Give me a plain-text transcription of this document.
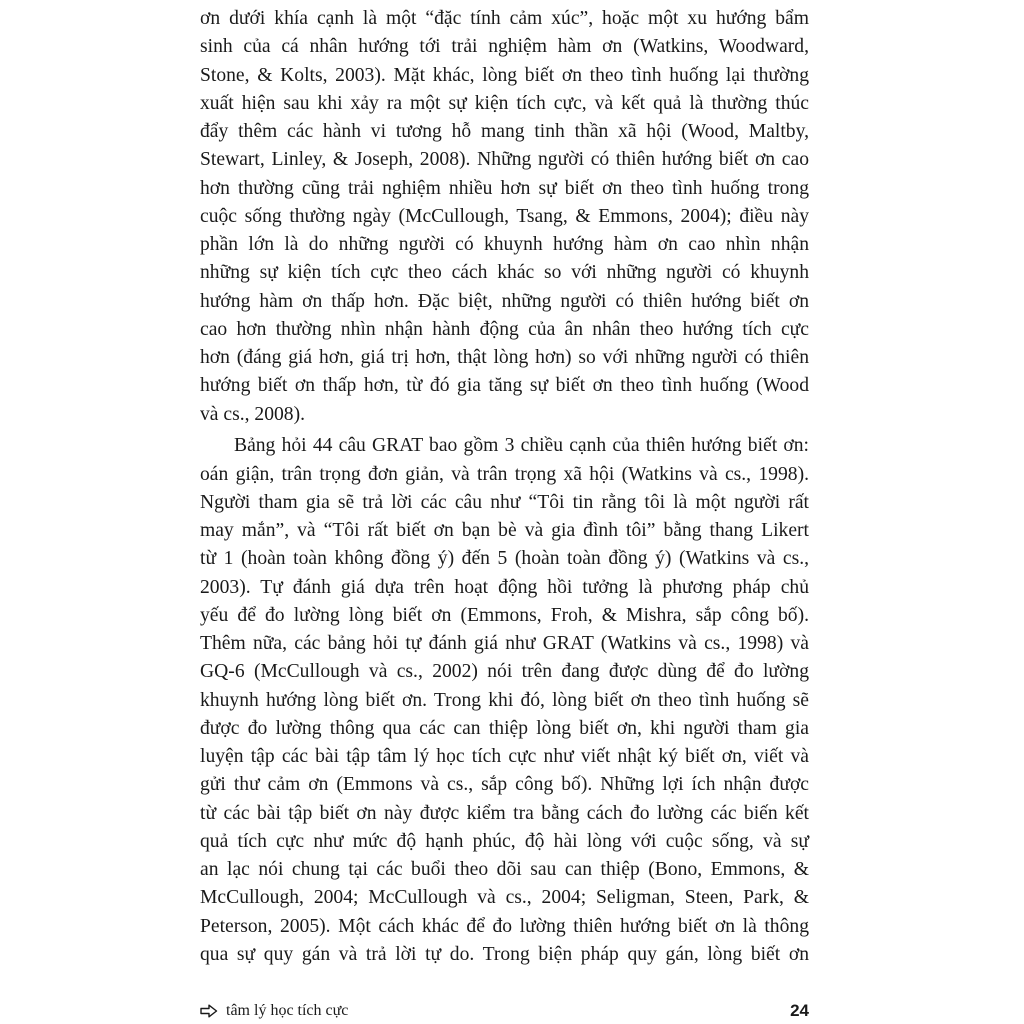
ơn dưới khía cạnh là một “đặc tính cảm xúc”, hoặc một xu hướng bẩm
sinh của cá nhân hướng tới trải nghiệm hàm ơn (Watkins, Woodward,
Stone, & Kolts, 2003). Mặt khác, lòng biết ơn theo tình huống lại thường
xuất hiện sau khi xảy ra một sự kiện tích cực, và kết quả là thường thúc
đẩy thêm các hành vi tương hỗ mang tinh thần xã hội (Wood, Maltby,
Stewart, Linley, & Joseph, 2008). Những người có thiên hướng biết ơn cao
hơn thường cũng trải nghiệm nhiều hơn sự biết ơn theo tình huống trong
cuộc sống thường ngày (McCullough, Tsang, & Emmons, 2004); điều này
phần lớn là do những người có khuynh hướng hàm ơn cao nhìn nhận
những sự kiện tích cực theo cách khác so với những người có khuynh
hướng hàm ơn thấp hơn. Đặc biệt, những người có thiên hướng biết ơn
cao hơn thường nhìn nhận hành động của ân nhân theo hướng tích cực
hơn (đáng giá hơn, giá trị hơn, thật lòng hơn) so với những người có thiên
hướng biết ơn thấp hơn, từ đó gia tăng sự biết ơn theo tình huống (Wood
và cs., 2008).
Bảng hỏi 44 câu GRAT bao gồm 3 chiều cạnh của thiên hướng biết ơn:
oán giận, trân trọng đơn giản, và trân trọng xã hội (Watkins và cs., 1998).
Người tham gia sẽ trả lời các câu như “Tôi tin rằng tôi là một người rất
may mắn”, và “Tôi rất biết ơn bạn bè và gia đình tôi” bằng thang Likert
từ 1 (hoàn toàn không đồng ý) đến 5 (hoàn toàn đồng ý) (Watkins và cs.,
2003). Tự đánh giá dựa trên hoạt động hồi tưởng là phương pháp chủ
yếu để đo lường lòng biết ơn (Emmons, Froh, & Mishra, sắp công bố).
Thêm nữa, các bảng hỏi tự đánh giá như GRAT (Watkins và cs., 1998) và
GQ-6 (McCullough và cs., 2002) nói trên đang được dùng để đo lường
khuynh hướng lòng biết ơn. Trong khi đó, lòng biết ơn theo tình huống sẽ
được đo lường thông qua các can thiệp lòng biết ơn, khi người tham gia
luyện tập các bài tập tâm lý học tích cực như viết nhật ký biết ơn, viết và
gửi thư cảm ơn (Emmons và cs., sắp công bố). Những lợi ích nhận được
từ các bài tập biết ơn này được kiểm tra bằng cách đo lường các biến kết
quả tích cực như mức độ hạnh phúc, độ hài lòng với cuộc sống, và sự
an lạc nói chung tại các buổi theo dõi sau can thiệp (Bono, Emmons, &
McCullough, 2004; McCullough và cs., 2004; Seligman, Steen, Park, &
Peterson, 2005). Một cách khác để đo lường thiên hướng biết ơn là thông
qua sự quy gán và trả lời tự do. Trong biện pháp quy gán, lòng biết ơn
tâm lý học tích cực	24
